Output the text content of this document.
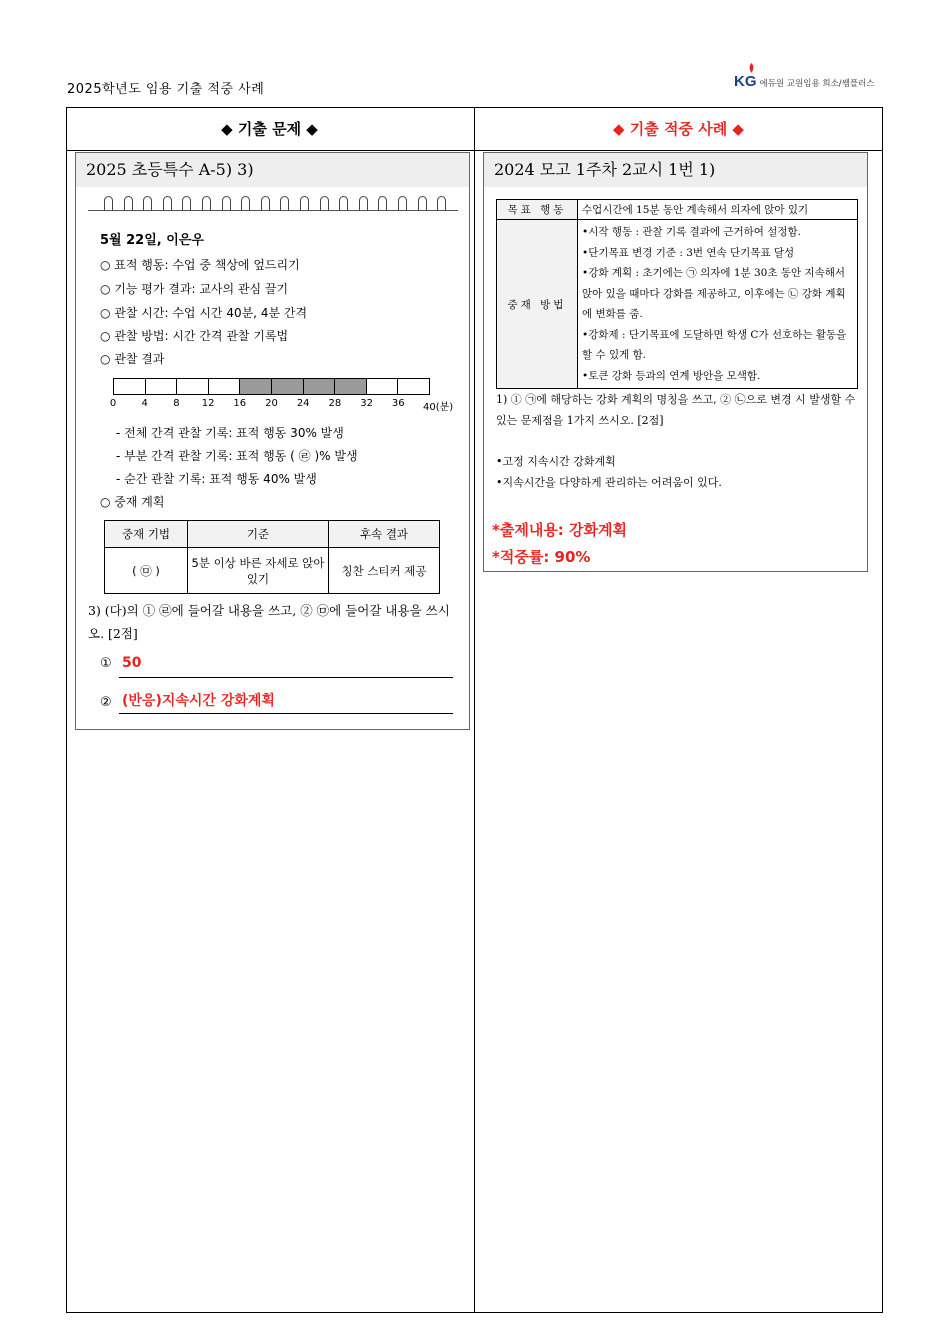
2025학년도 임용 기출 적중 사례	KG 에듀원 교원임용 희소/쌤플러스
◆ 기출 문제 ◆	◆ 기출 적중 사례 ◆
2025 초등특수 A-5) 3)
5월 22일, 이은우
○ 표적 행동: 수업 중 책상에 엎드리기
○ 기능 평가 결과: 교사의 관심 끌기
○ 관찰 시간: 수업 시간 40분, 4분 간격
○ 관찰 방법: 시간 간격 관찰 기록법
○ 관찰 결과
0	4	8	12	16	20	24	28	32	36	40(분)
- 전체 간격 관찰 기록: 표적 행동 30% 발생
- 부분 간격 관찰 기록: 표적 행동 ( ㉣ )% 발생
- 순간 관찰 기록: 표적 행동 40% 발생
○ 중재 계획
중재 기법	기준	후속 결과
( ㉤ )	5분 이상 바른 자세로 앉아 있기	칭찬 스티커 제공
3) (다)의 ① ㉣에 들어갈 내용을 쓰고, ② ㉤에 들어갈 내용을 쓰시오. [2점]
① 50
② (반응)지속시간 강화계획
2024 모고 1주차 2교시 1번 1)
목표 행동	수업시간에 15분 동안 계속해서 의자에 앉아 있기
중재 방법	•시작 행동 : 관찰 기록 결과에 근거하여 설정함.
•단기목표 변경 기준 : 3번 연속 단기목표 달성
•강화 계획 : 초기에는 ㉠ 의자에 1분 30초 동안 지속해서 앉아 있을 때마다 강화를 제공하고, 이후에는 ㉡ 강화 계획에 변화를 줌.
•강화제 : 단기목표에 도달하면 학생 C가 선호하는 활동을 할 수 있게 함.
•토큰 강화 등과의 연계 방안을 모색함.
1) ① ㉠에 해당하는 강화 계획의 명칭을 쓰고, ② ㉡으로 변경 시 발생할 수 있는 문제점을 1가지 쓰시오. [2점]
•고정 지속시간 강화계획
•지속시간을 다양하게 관리하는 어려움이 있다.
*출제내용: 강화계획
*적중률: 90%
